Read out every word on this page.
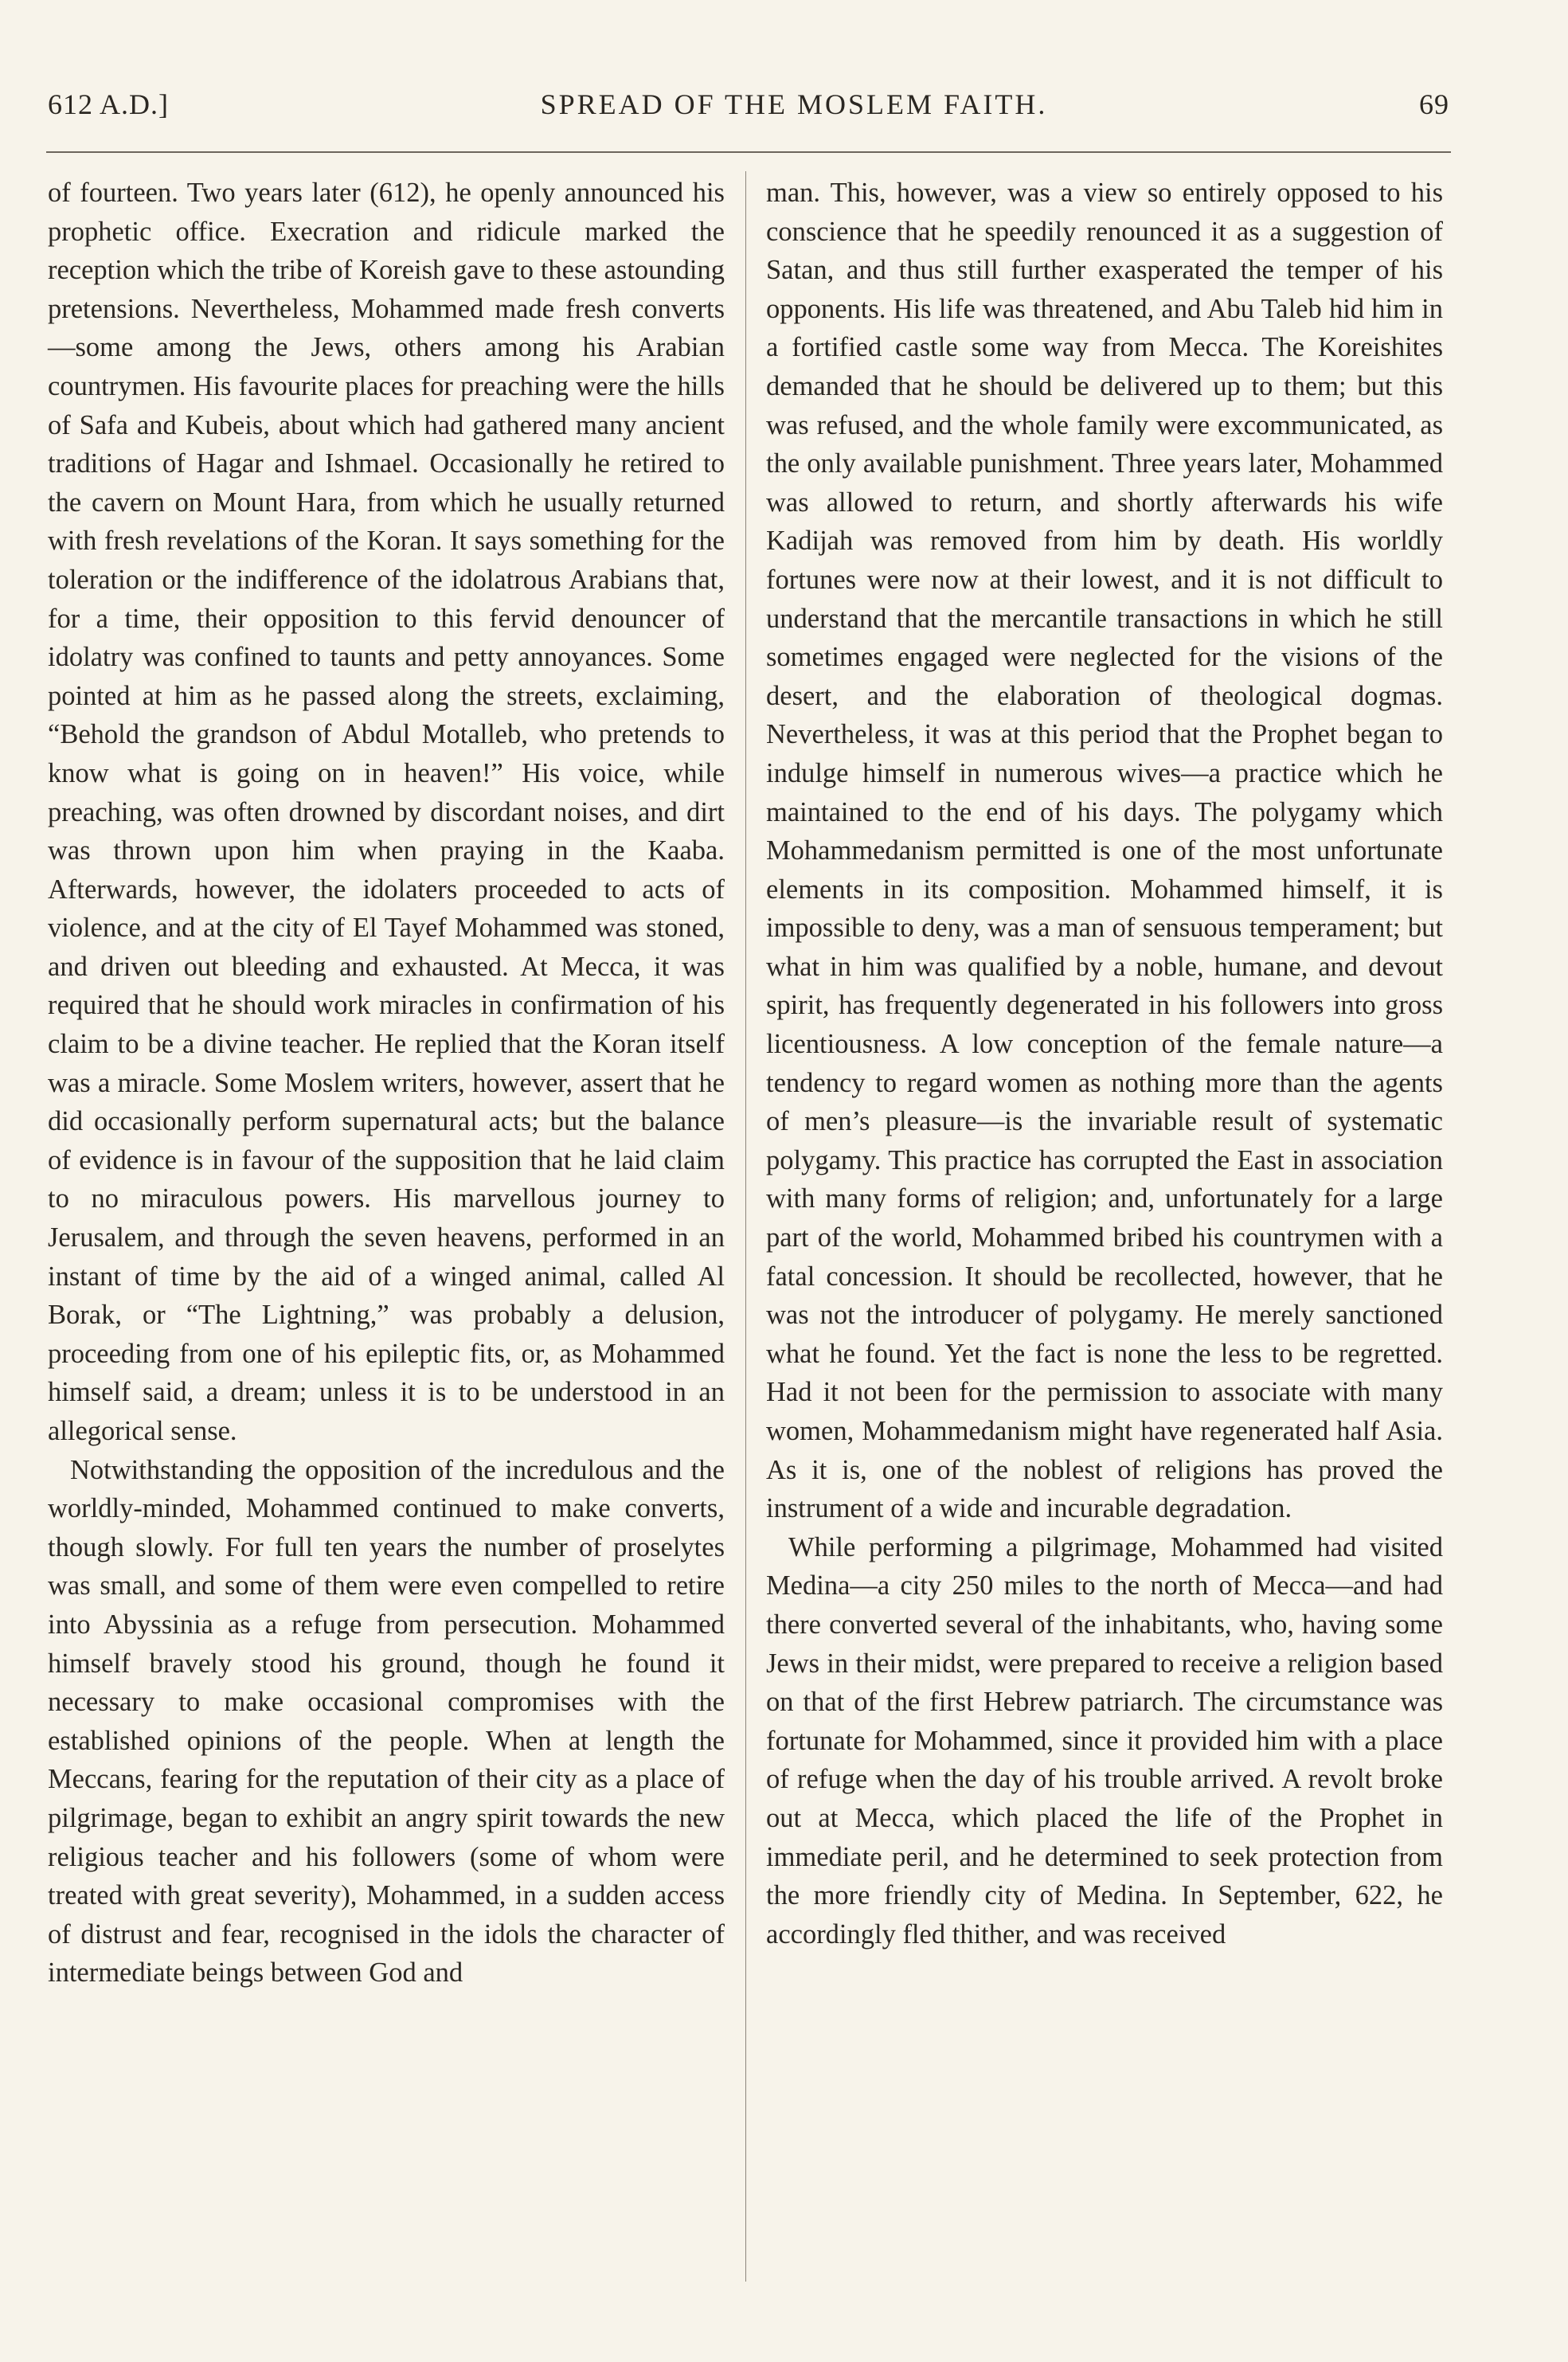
612 A.D.]	SPREAD OF THE MOSLEM FAITH.	69

of fourteen. Two years later (612), he openly announced his prophetic office. Execration and ridicule marked the reception which the tribe of Koreish gave to these astounding pretensions. Nevertheless, Mohammed made fresh converts—some among the Jews, others among his Arabian countrymen. His favourite places for preaching were the hills of Safa and Kubeis, about which had gathered many ancient traditions of Hagar and Ishmael. Occasionally he retired to the cavern on Mount Hara, from which he usually returned with fresh revelations of the Koran. It says something for the toleration or the indifference of the idolatrous Arabians that, for a time, their opposition to this fervid denouncer of idolatry was confined to taunts and petty annoyances. Some pointed at him as he passed along the streets, exclaiming, “Behold the grandson of Abdul Motalleb, who pretends to know what is going on in heaven!” His voice, while preaching, was often drowned by discordant noises, and dirt was thrown upon him when praying in the Kaaba. Afterwards, however, the idolaters proceeded to acts of violence, and at the city of El Tayef Mohammed was stoned, and driven out bleeding and exhausted. At Mecca, it was required that he should work miracles in confirmation of his claim to be a divine teacher. He replied that the Koran itself was a miracle. Some Moslem writers, however, assert that he did occasionally perform supernatural acts; but the balance of evidence is in favour of the supposition that he laid claim to no miraculous powers. His marvellous journey to Jerusalem, and through the seven heavens, performed in an instant of time by the aid of a winged animal, called Al Borak, or “The Lightning,” was probably a delusion, proceeding from one of his epileptic fits, or, as Mohammed himself said, a dream; unless it is to be understood in an allegorical sense.

Notwithstanding the opposition of the incredulous and the worldly-minded, Mohammed continued to make converts, though slowly. For full ten years the number of proselytes was small, and some of them were even compelled to retire into Abyssinia as a refuge from persecution. Mohammed himself bravely stood his ground, though he found it necessary to make occasional compromises with the established opinions of the people. When at length the Meccans, fearing for the reputation of their city as a place of pilgrimage, began to exhibit an angry spirit towards the new religious teacher and his followers (some of whom were treated with great severity), Mohammed, in a sudden access of distrust and fear, recognised in the idols the character of intermediate beings between God and

man. This, however, was a view so entirely opposed to his conscience that he speedily renounced it as a suggestion of Satan, and thus still further exasperated the temper of his opponents. His life was threatened, and Abu Taleb hid him in a fortified castle some way from Mecca. The Koreishites demanded that he should be delivered up to them; but this was refused, and the whole family were excommunicated, as the only available punishment. Three years later, Mohammed was allowed to return, and shortly afterwards his wife Kadijah was removed from him by death. His worldly fortunes were now at their lowest, and it is not difficult to understand that the mercantile transactions in which he still sometimes engaged were neglected for the visions of the desert, and the elaboration of theological dogmas. Nevertheless, it was at this period that the Prophet began to indulge himself in numerous wives—a practice which he maintained to the end of his days. The polygamy which Mohammedanism permitted is one of the most unfortunate elements in its composition. Mohammed himself, it is impossible to deny, was a man of sensuous temperament; but what in him was qualified by a noble, humane, and devout spirit, has frequently degenerated in his followers into gross licentiousness. A low conception of the female nature—a tendency to regard women as nothing more than the agents of men’s pleasure—is the invariable result of systematic polygamy. This practice has corrupted the East in association with many forms of religion; and, unfortunately for a large part of the world, Mohammed bribed his countrymen with a fatal concession. It should be recollected, however, that he was not the introducer of polygamy. He merely sanctioned what he found. Yet the fact is none the less to be regretted. Had it not been for the permission to associate with many women, Mohammedanism might have regenerated half Asia. As it is, one of the noblest of religions has proved the instrument of a wide and incurable degradation.

While performing a pilgrimage, Mohammed had visited Medina—a city 250 miles to the north of Mecca—and had there converted several of the inhabitants, who, having some Jews in their midst, were prepared to receive a religion based on that of the first Hebrew patriarch. The circumstance was fortunate for Mohammed, since it provided him with a place of refuge when the day of his trouble arrived. A revolt broke out at Mecca, which placed the life of the Prophet in immediate peril, and he determined to seek protection from the more friendly city of Medina. In September, 622, he accordingly fled thither, and was received
